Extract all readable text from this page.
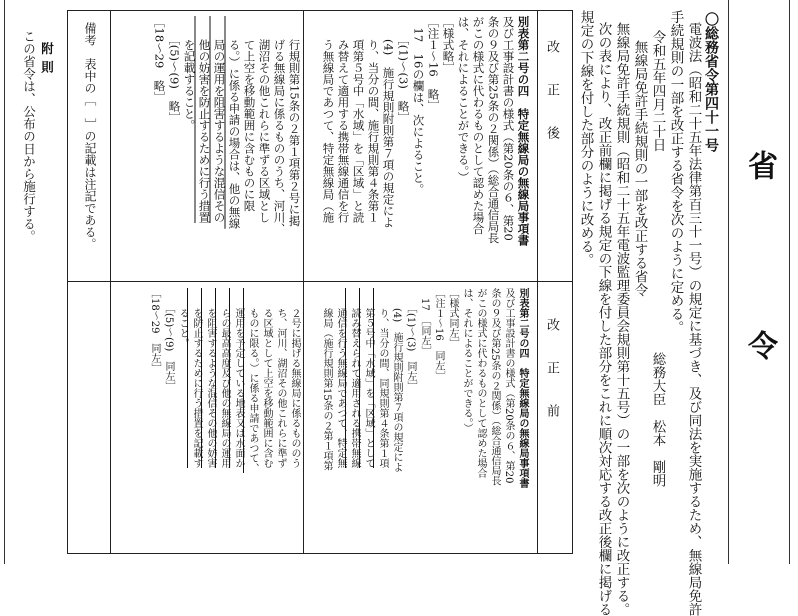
省令
〇総務省令第四十一号
電波法（昭和二十五年法律第百三十一号）の規定に基づき、及び同法を実施するため、無線局免許
手続規則の一部を改正する省令を次のように定める。
令和五年四月二十日
総務大臣　松本　剛明
無線局免許手続規則の一部を改正する省令
無線局免許手続規則（昭和二十五年電波監理委員会規則第十五号）の一部を次のように改正する。
次の表により、改正前欄に掲げる規定の下線を付した部分をこれに順次対応する改正後欄に掲げる
規定の下線を付した部分のように改める。
改正後
改正前
別表第二号の四　特定無線局の無線局事項書
及び工事設計書の様式（第20条の６、第20
条の９及び第25条の２関係）（総合通信局長
がこの様式に代わるものとして認めた場合
は、それによることができる。）
［様式略］
［注１～16　略］
　17　16の欄は、次によること。
　　［(1)～(3)　略］
　　(4)　施行規則附則第７項の規定によ
　　り、当分の間、施行規則第４条第１
　　項第５号中「水域」を「区域」と読
　　み替えて適用する携帯無線通信を行
　　う無線局であつて、特定無線局（施
　　行規則第15条の２第１項第２号に掲
　　げる無線局に係るもののうち、河川、
　　湖沼その他これらに準ずる区域とし
　　て上空を移動範囲に含むものに限
　　る。）に係る申請の場合は、他の無線
　　局の運用を阻害するような混信その
　　他の妨害を防止するために行う措置
　　を記載すること。
　　［(5)～(9)　略］
［18～29　略］
別表第二号の四　特定無線局の無線局事項書
及び工事設計書の様式（第20条の６、第20
条の９及び第25条の２関係）（総合通信局長
がこの様式に代わるものとして認めた場合
は、それによることができる。）
［様式同左］
［注１～16　同左］
　17　［同左］
　　［(1)～(3)　同左］
　　(4)　施行規則附則第７項の規定によ
　　り、当分の間、同規則第４条第１項
　　第５号中「水域」を「区域」として
　　読み替えられて適用される携帯無線
　　通信を行う無線局であつて、特定無
　　線局（施行規則第15条の２第１項第
　　２号に掲げる無線局に係るもののう
　　ち、河川、湖沼その他これらに準ず
　　る区域として上空を移動範囲に含む
　　ものに限る。）に係る申請であつて、
　　運用を予定している地表又は水面か
　　らの最高高度及び他の無線局の運用
　　を阻害するような混信その他の妨害
　　を防止するために行う措置を記載す
　　ること。
　　［(5)～(9)　同左］
［18～29　同左］
備考　表中の［　］の記載は注記である。
附則
この省令は、公布の日から施行する。
